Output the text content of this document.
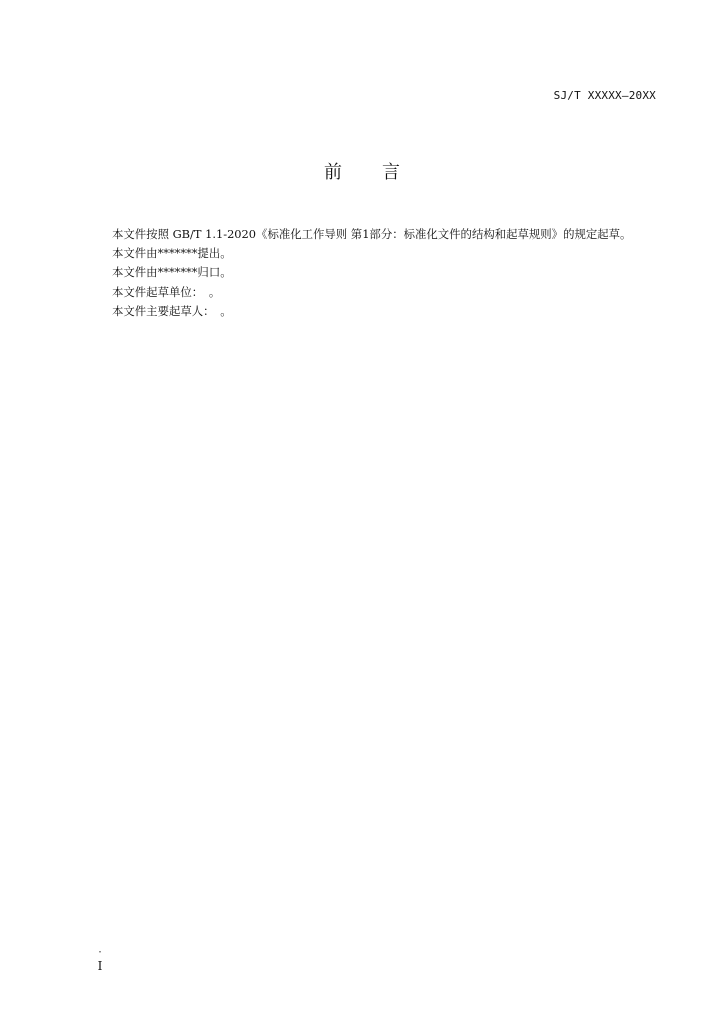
SJ/T XXXXX—20XX
前 言

本文件按照 GB/T 1.1-2020《标准化工作导则 第1部分：标准化文件的结构和起草规则》的规定起草。

本文件由*******提出。

本文件由*******归口。

本文件起草单位：　。

本文件主要起草人：　。

ˆ
I
